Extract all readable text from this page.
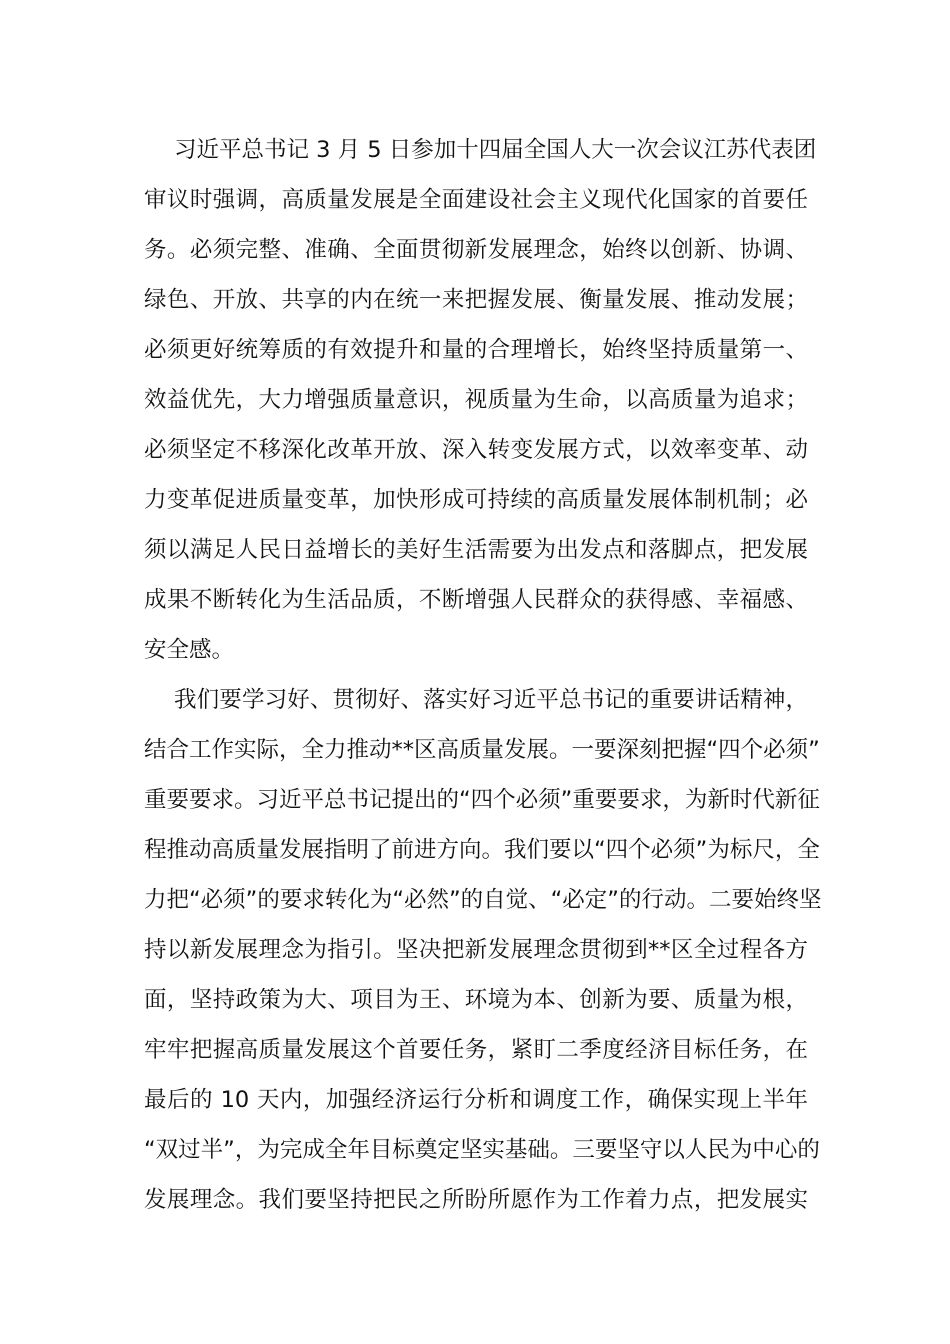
习近平总书记 3 月 5 日参加十四届全国人大一次会议江苏代表团
审议时强调，高质量发展是全面建设社会主义现代化国家的首要任
务。必须完整、准确、全面贯彻新发展理念，始终以创新、协调、
绿色、开放、共享的内在统一来把握发展、衡量发展、推动发展；
必须更好统筹质的有效提升和量的合理增长，始终坚持质量第一、
效益优先，大力增强质量意识，视质量为生命，以高质量为追求；
必须坚定不移深化改革开放、深入转变发展方式，以效率变革、动
力变革促进质量变革，加快形成可持续的高质量发展体制机制；必
须以满足人民日益增长的美好生活需要为出发点和落脚点，把发展
成果不断转化为生活品质，不断增强人民群众的获得感、幸福感、
安全感。
我们要学习好、贯彻好、落实好习近平总书记的重要讲话精神，
结合工作实际，全力推动**区高质量发展。一要深刻把握“四个必须”
重要要求。习近平总书记提出的“四个必须”重要要求，为新时代新征
程推动高质量发展指明了前进方向。我们要以“四个必须”为标尺，全
力把“必须”的要求转化为“必然”的自觉、“必定”的行动。二要始终坚
持以新发展理念为指引。坚决把新发展理念贯彻到**区全过程各方
面，坚持政策为大、项目为王、环境为本、创新为要、质量为根，
牢牢把握高质量发展这个首要任务，紧盯二季度经济目标任务，在
最后的 10 天内，加强经济运行分析和调度工作，确保实现上半年
“双过半”，为完成全年目标奠定坚实基础。三要坚守以人民为中心的
发展理念。我们要坚持把民之所盼所愿作为工作着力点，把发展实
